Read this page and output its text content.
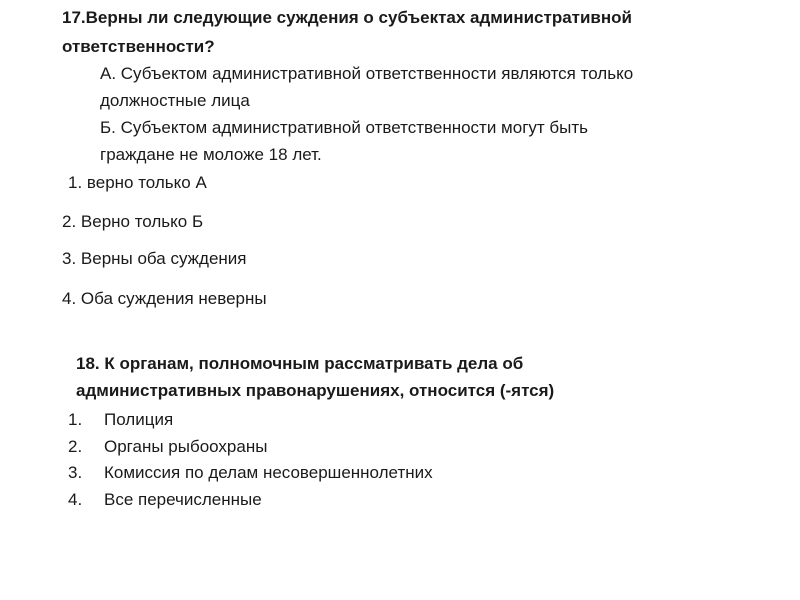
17.Верны ли следующие суждения о субъектах административной
ответственности?
А. Субъектом административной ответственности являются только
должностные лица
Б. Субъектом административной ответственности могут быть
граждане не моложе 18 лет.
1. верно только А
2. Верно только Б
3. Верны оба суждения
4. Оба суждения неверны
18. К органам, полномочным рассматривать дела об
административных правонарушениях, относится (-ятся)
1. Полиция
2. Органы рыбоохраны
3. Комиссия по делам несовершеннолетних
4. Все перечисленные
